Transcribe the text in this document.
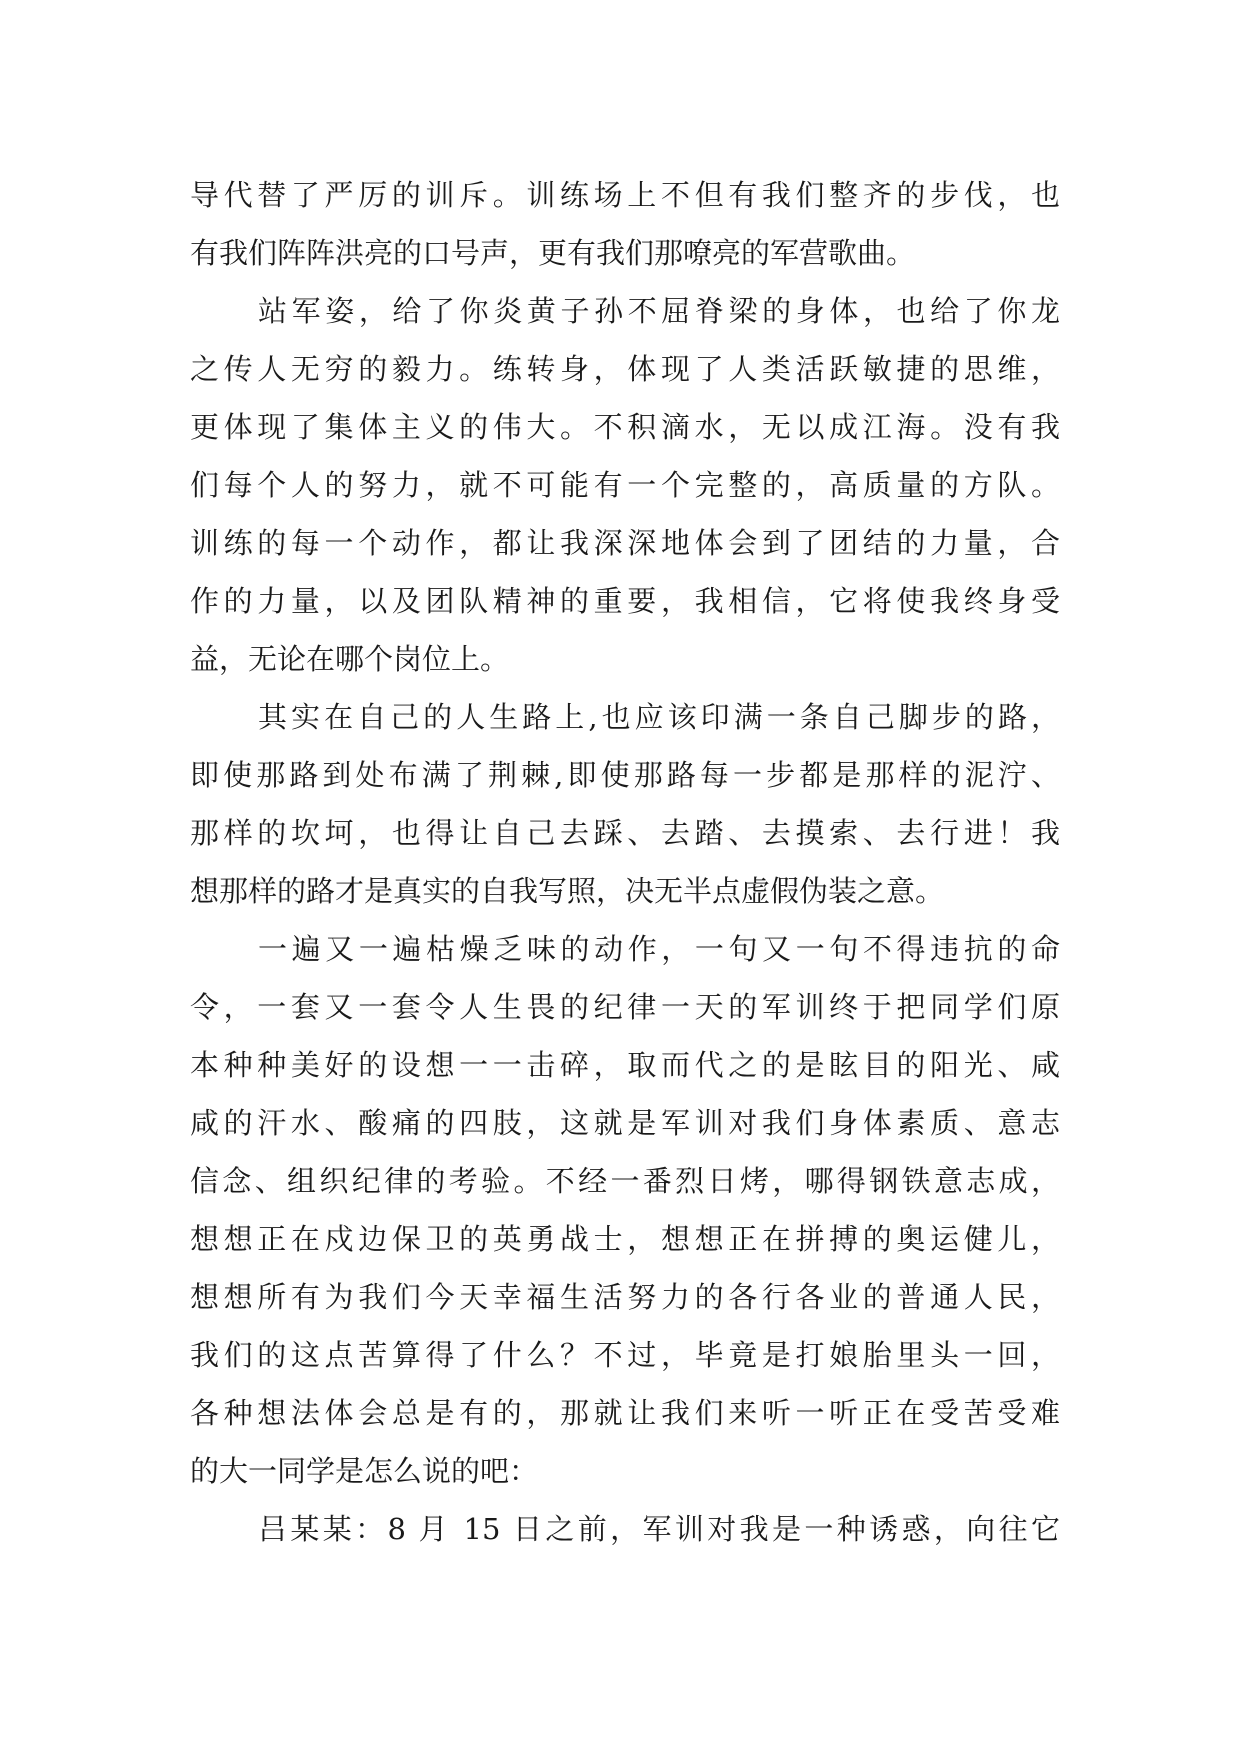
导代替了严厉的训斥。训练场上不但有我们整齐的步伐，也
有我们阵阵洪亮的口号声，更有我们那嘹亮的军营歌曲。
站军姿，给了你炎黄子孙不屈脊梁的身体，也给了你龙
之传人无穷的毅力。练转身，体现了人类活跃敏捷的思维，
更体现了集体主义的伟大。不积滴水，无以成江海。没有我
们每个人的努力，就不可能有一个完整的，高质量的方队。
训练的每一个动作，都让我深深地体会到了团结的力量，合
作的力量，以及团队精神的重要，我相信，它将使我终身受
益，无论在哪个岗位上。
其实在自己的人生路上,也应该印满一条自己脚步的路，
即使那路到处布满了荆棘,即使那路每一步都是那样的泥泞、
那样的坎坷，也得让自己去踩、去踏、去摸索、去行进！我
想那样的路才是真实的自我写照，决无半点虚假伪装之意。
一遍又一遍枯燥乏味的动作，一句又一句不得违抗的命
令，一套又一套令人生畏的纪律一天的军训终于把同学们原
本种种美好的设想一一击碎，取而代之的是眩目的阳光、咸
咸的汗水、酸痛的四肢，这就是军训对我们身体素质、意志
信念、组织纪律的考验。不经一番烈日烤，哪得钢铁意志成，
想想正在戍边保卫的英勇战士，想想正在拼搏的奥运健儿，
想想所有为我们今天幸福生活努力的各行各业的普通人民，
我们的这点苦算得了什么？不过，毕竟是打娘胎里头一回，
各种想法体会总是有的，那就让我们来听一听正在受苦受难
的大一同学是怎么说的吧：
吕某某：8 月 15 日之前，军训对我是一种诱惑，向往它
